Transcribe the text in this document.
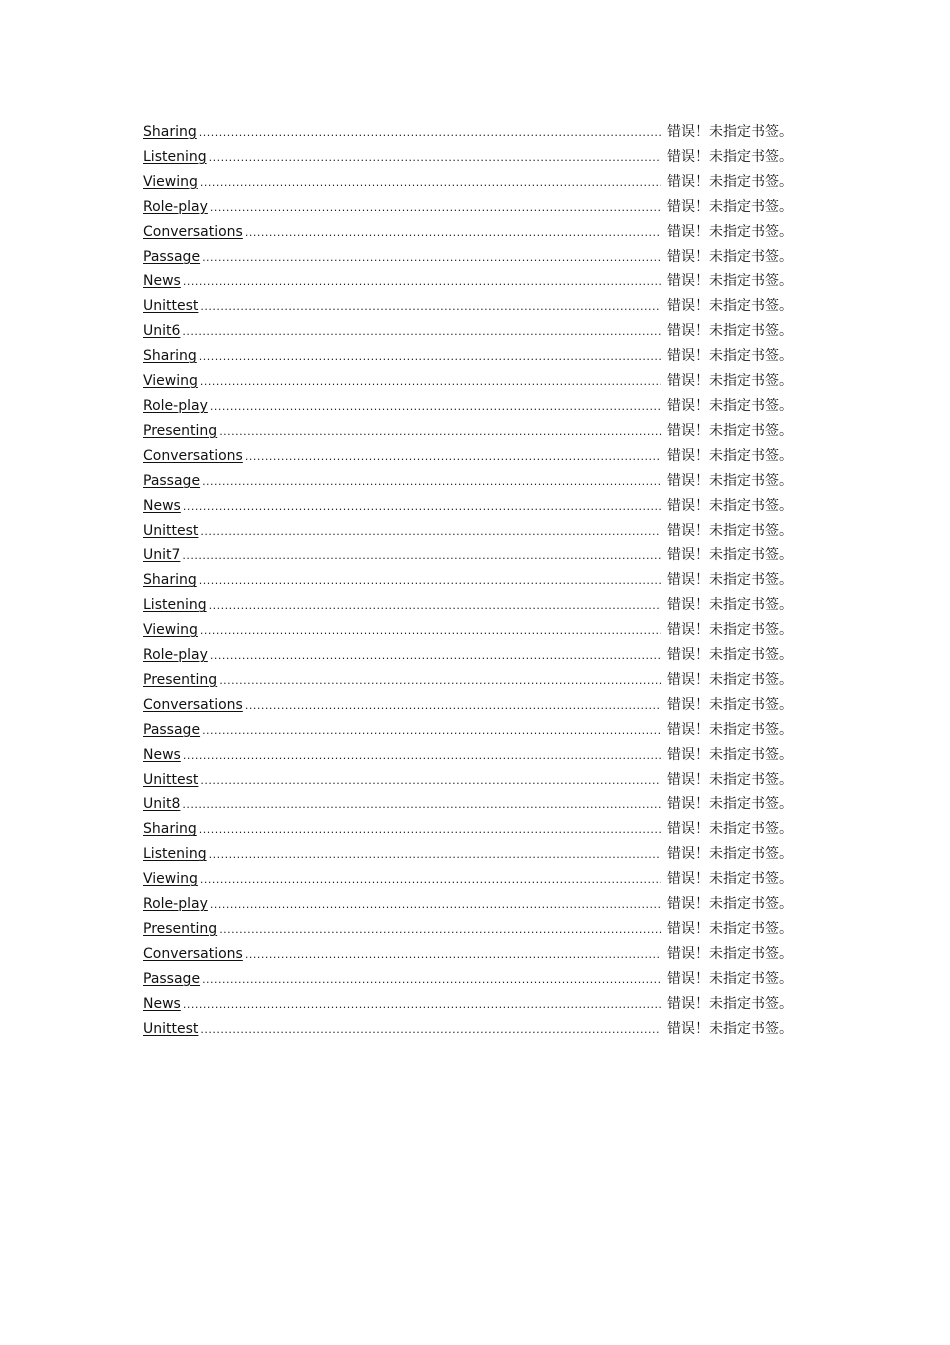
Sharing .....	错误！未指定书签。
Listening .....	错误！未指定书签。
Viewing .....	错误！未指定书签。
Role-play .....	错误！未指定书签。
Conversations .....	错误！未指定书签。
Passage .....	错误！未指定书签。
News .....	错误！未指定书签。
Unittest .....	错误！未指定书签。
Unit6 .....	错误！未指定书签。
Sharing .....	错误！未指定书签。
Viewing .....	错误！未指定书签。
Role-play .....	错误！未指定书签。
Presenting .....	错误！未指定书签。
Conversations .....	错误！未指定书签。
Passage .....	错误！未指定书签。
News .....	错误！未指定书签。
Unittest .....	错误！未指定书签。
Unit7 .....	错误！未指定书签。
Sharing .....	错误！未指定书签。
Listening .....	错误！未指定书签。
Viewing .....	错误！未指定书签。
Role-play .....	错误！未指定书签。
Presenting .....	错误！未指定书签。
Conversations .....	错误！未指定书签。
Passage .....	错误！未指定书签。
News .....	错误！未指定书签。
Unittest .....	错误！未指定书签。
Unit8 .....	错误！未指定书签。
Sharing .....	错误！未指定书签。
Listening .....	错误！未指定书签。
Viewing .....	错误！未指定书签。
Role-play .....	错误！未指定书签。
Presenting .....	错误！未指定书签。
Conversations .....	错误！未指定书签。
Passage .....	错误！未指定书签。
News .....	错误！未指定书签。
Unittest .....	错误！未指定书签。
